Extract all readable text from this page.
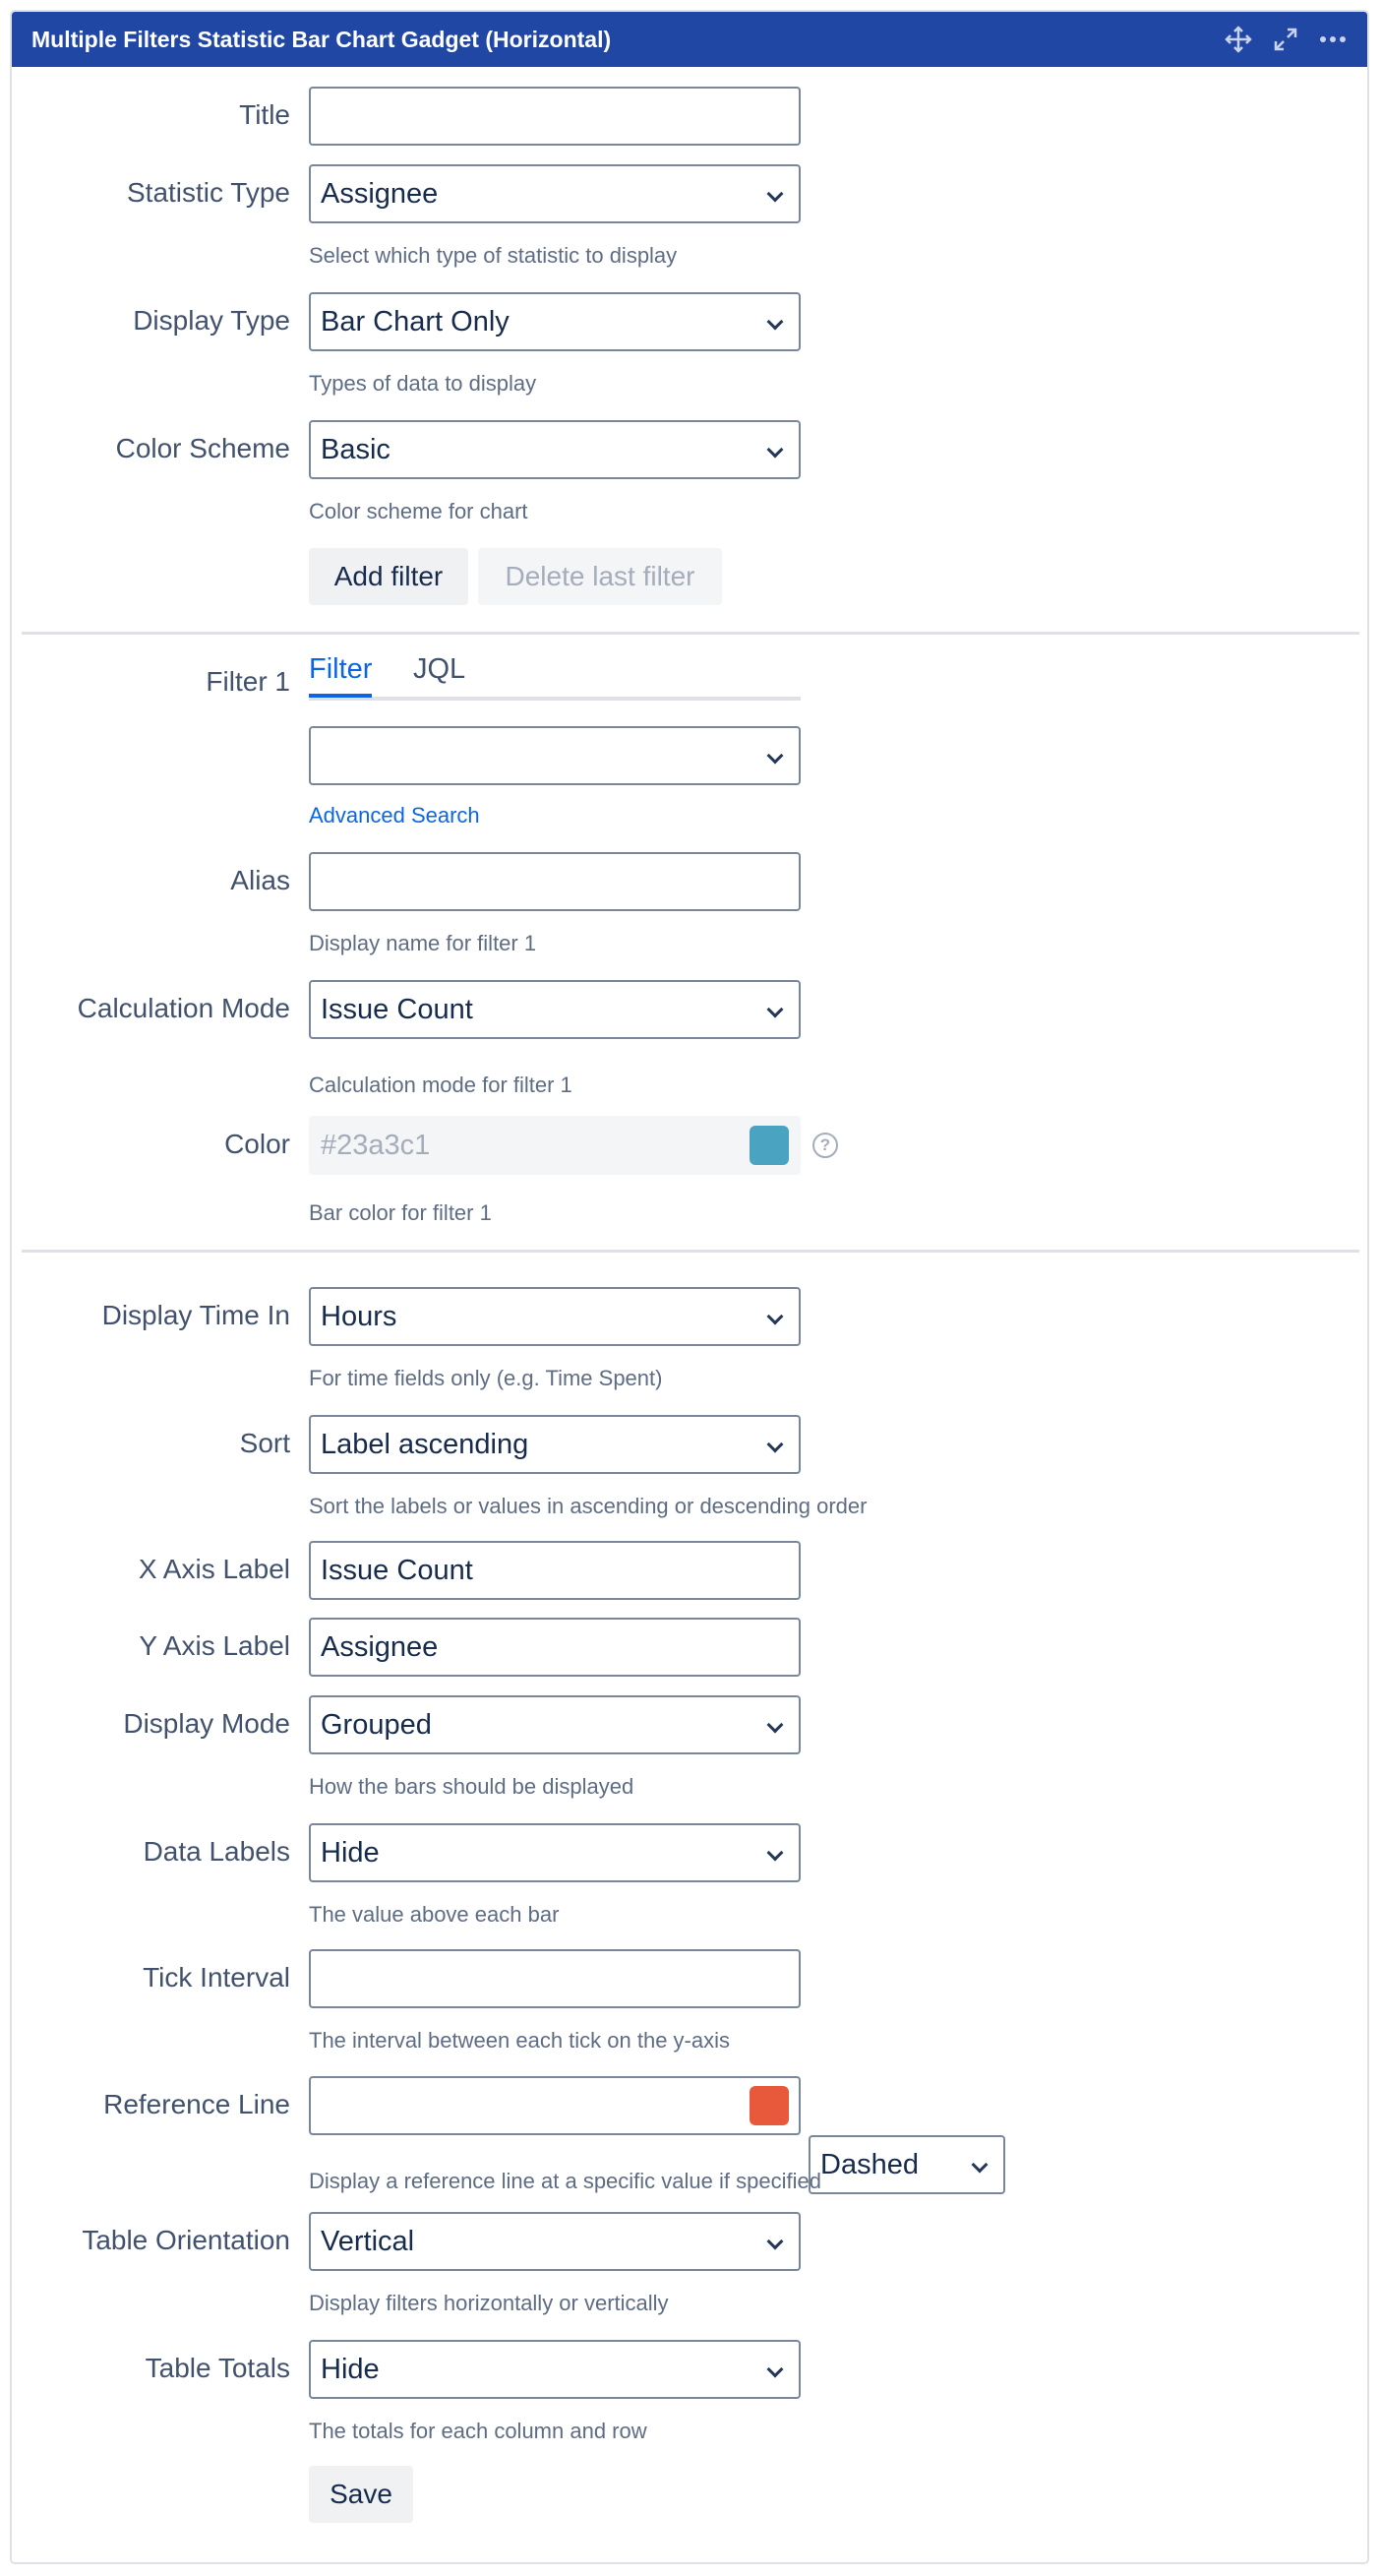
Multiple Filters Statistic Bar Chart Gadget (Horizontal)
Title
Statistic Type	Assignee
Select which type of statistic to display
Display Type	Bar Chart Only
Types of data to display
Color Scheme	Basic
Color scheme for chart
Add filter	Delete last filter
Filter 1 Filter JQL
Advanced Search
Alias
Display name for filter 1
Calculation Mode	Issue Count
Calculation mode for filter 1
Color	#23a3c1	?
Bar color for filter 1
Display Time In	Hours
For time fields only (e.g. Time Spent)
Sort	Label ascending
Sort the labels or values in ascending or descending order
X Axis Label	Issue Count
Y Axis Label	Assignee
Display Mode	Grouped
How the bars should be displayed
Data Labels	Hide
The value above each bar
Tick Interval
The interval between each tick on the y-axis
Reference Line
Dashed
Display a reference line at a specific value if specified
Table Orientation	Vertical
Display filters horizontally or vertically
Table Totals	Hide
The totals for each column and row
Save
